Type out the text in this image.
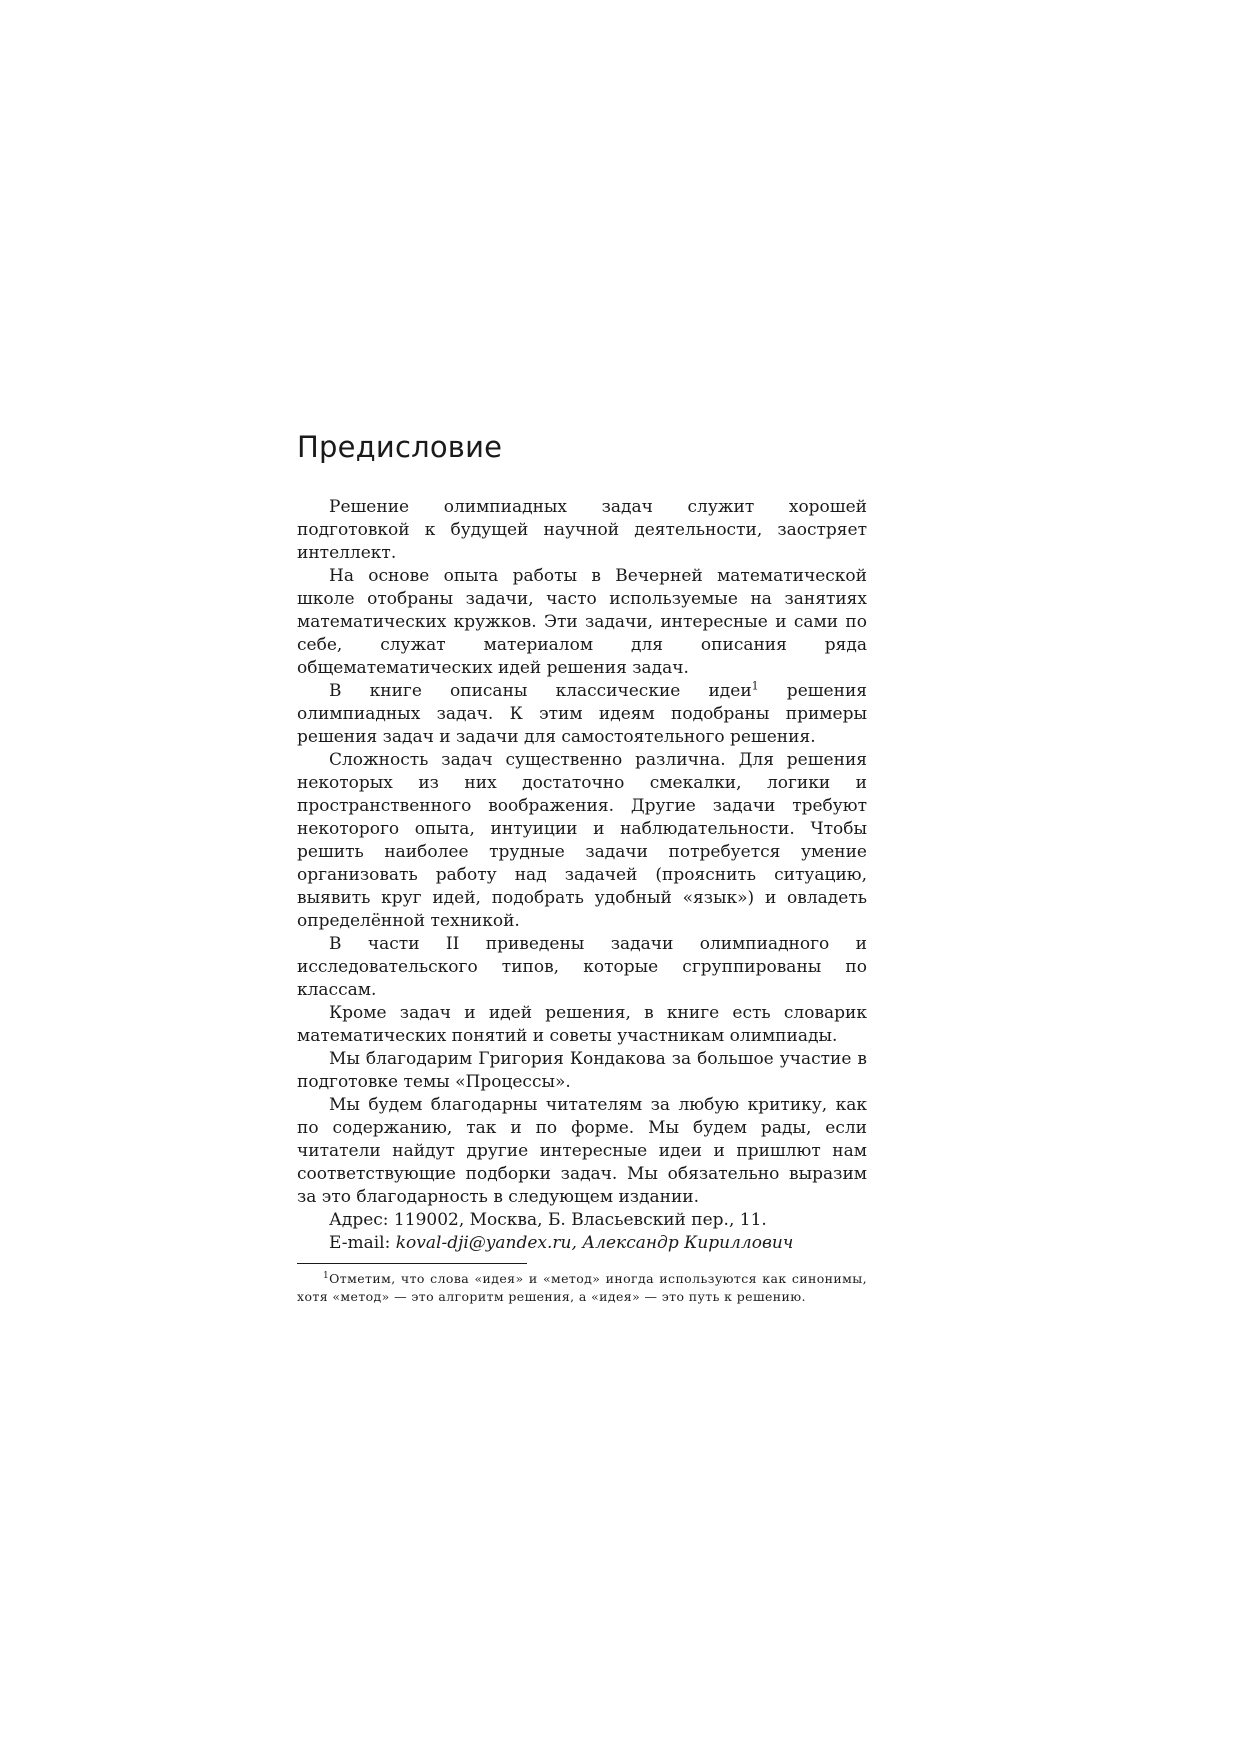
Предисловие

Решение олимпиадных задач служит хорошей подготовкой к будущей научной деятельности, заостряет интеллект.

На основе опыта работы в Вечерней математической школе отобраны задачи, часто используемые на занятиях математических кружков. Эти задачи, интересные и сами по себе, служат материалом для описания ряда общематематических идей решения задач.

В книге описаны классические идеи$^1$ решения олимпиадных задач. К этим идеям подобраны примеры решения задач и задачи для самостоятельного решения.

Сложность задач существенно различна. Для решения некоторых из них достаточно смекалки, логики и пространственного воображения. Другие задачи требуют некоторого опыта, интуиции и наблюдательности. Чтобы решить наиболее трудные задачи потребуется умение организовать работу над задачей (прояснить ситуацию, выявить круг идей, подобрать удобный «язык») и овладеть определённой техникой.

В части II приведены задачи олимпиадного и исследовательского типов, которые сгруппированы по классам.

Кроме задач и идей решения, в книге есть словарик математических понятий и советы участникам олимпиады.

Мы благодарим Григория Кондакова за большое участие в подготовке темы «Процессы».

Мы будем благодарны читателям за любую критику, как по содержанию, так и по форме. Мы будем рады, если читатели найдут другие интересные идеи и пришлют нам соответствующие подборки задач. Мы обязательно выразим за это благодарность в следующем издании.

Адрес: 119002, Москва, Б. Власьевский пер., 11.

E-mail: koval-dji@yandex.ru, Александр Кириллович

$^1$Отметим, что слова «идея» и «метод» иногда используются как синонимы, хотя «метод» — это алгоритм решения, а «идея» — это путь к решению.
